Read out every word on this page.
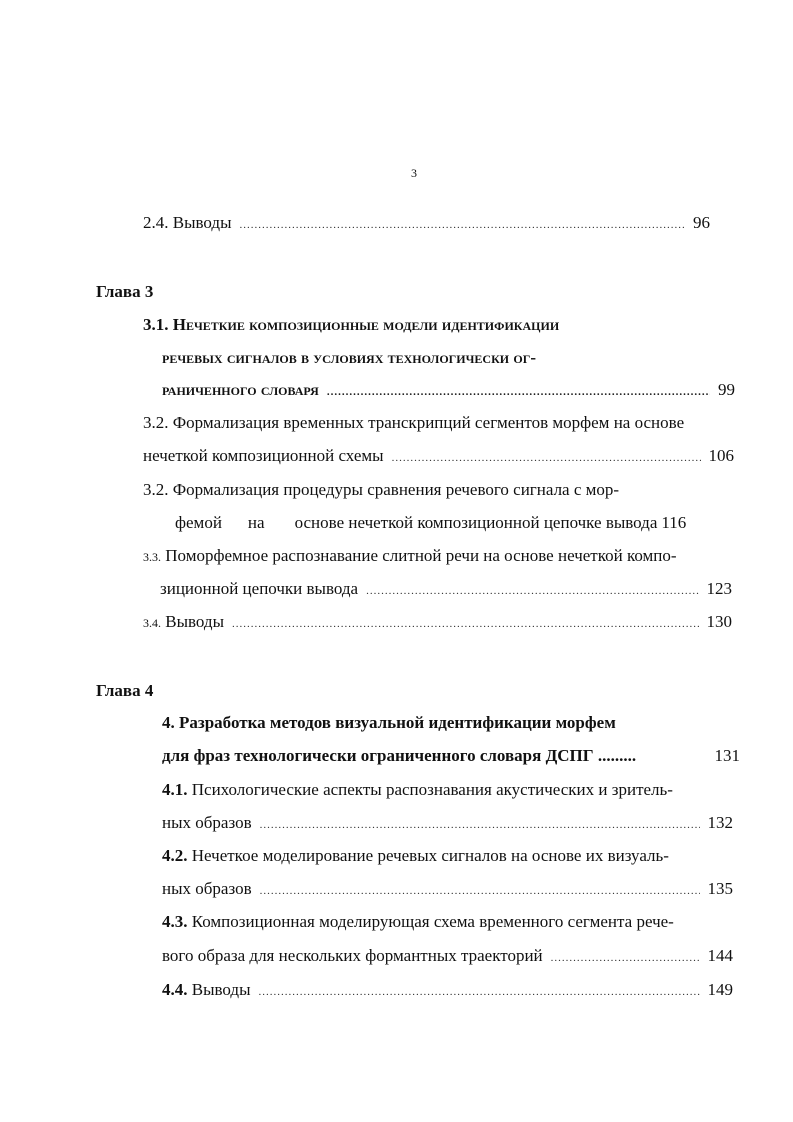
3
2.4. Выводы .....	96
Глава 3
3.1. Нечеткие композиционные модели идентификации
речевых сигналов в условиях технологически ог-
раниченного словаря .....	99
3.2. Формализация временных транскрипций сегментов морфем на основе
нечеткой композиционной схемы .....	106
3.2. Формализация процедуры сравнения речевого сигнала с мор-
фемой на основе нечеткой композиционной цепочке вывода 116
3.3. Поморфемное распознавание слитной речи на основе нечеткой компо-
зиционной цепочки вывода .....	123
3.4. Выводы .....	130
Глава 4
4. Разработка методов визуальной идентификации морфем
для фраз технологически ограниченного словаря ДСПГ .........	131
4.1. Психологические аспекты распознавания акустических и зритель-
ных образов .....	132
4.2. Нечеткое моделирование речевых сигналов на основе их визуаль-
ных образов .....	135
4.3. Композиционная моделирующая схема временного сегмента рече-
вого образа для нескольких формантных траекторий .....	144
4.4. Выводы .....	149
